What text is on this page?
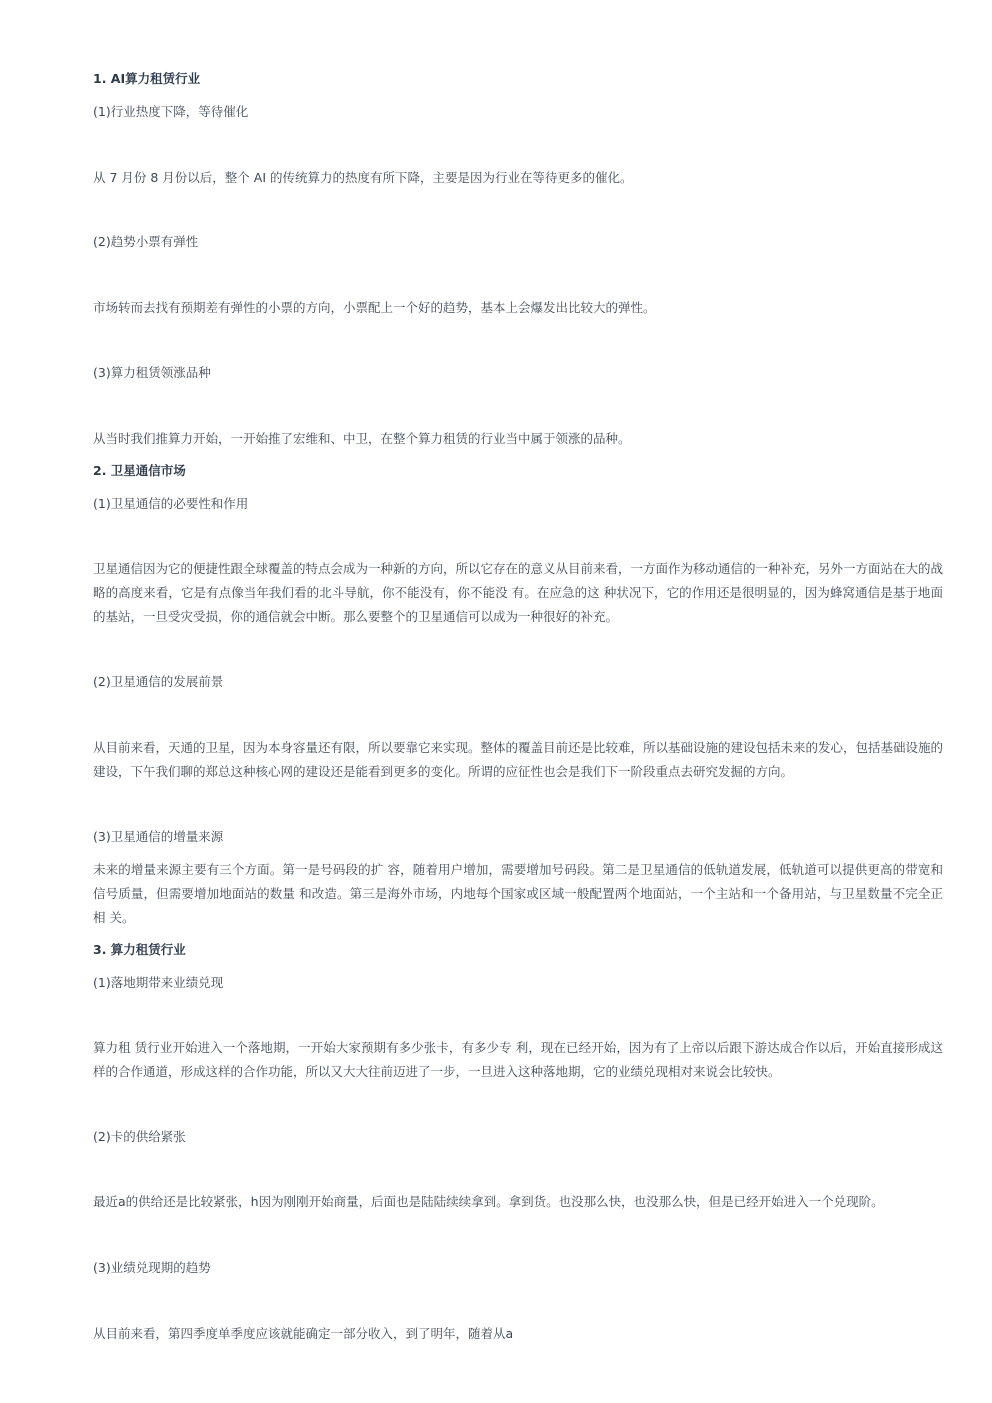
1. AI算力租赁行业

(1)行业热度下降，等待催化

从 7 月份 8 月份以后，整个 AI 的传统算力的热度有所下降，主要是因为行业在等待更多的催化。

(2)趋势小票有弹性

市场转而去找有预期差有弹性的小票的方向，小票配上一个好的趋势，基本上会爆发出比较大的弹性。

(3)算力租赁领涨品种

从当时我们推算力开始，一开始推了宏维和、中卫，在整个算力租赁的行业当中属于领涨的品种。

2. 卫星通信市场

(1)卫星通信的必要性和作用

卫星通信因为它的便捷性跟全球覆盖的特点会成为一种新的方向，所以它存在的意义从目前来看，一方面作为移动通信的一种补充，另外一方面站在大的战略的高度来看，它是有点像当年我们看的北斗导航，你不能没有，你不能没 有。在应急的这 种状况下，它的作用还是很明显的，因为蜂窝通信是基于地面的基站，一旦受灾受损，你的通信就会中断。那么要整个的卫星通信可以成为一种很好的补充。

(2)卫星通信的发展前景

从目前来看，天通的卫星，因为本身容量还有限，所以要靠它来实现。整体的覆盖目前还是比较难，所以基础设施的建设包括未来的发心，包括基础设施的建设，下午我们聊的郑总这种核心网的建设还是能看到更多的变化。所谓的应征性也会是我们下一阶段重点去研究发掘的方向。

(3)卫星通信的增量来源

未来的增量来源主要有三个方面。第一是号码段的扩 容，随着用户增加，需要增加号码段。第二是卫星通信的低轨道发展，低轨道可以提供更高的带宽和信号质量，但需要增加地面站的数量 和改造。第三是海外市场，内地每个国家或区域一般配置两个地面站，一个主站和一个备用站，与卫星数量不完全正相 关。

3. 算力租赁行业

(1)落地期带来业绩兑现

算力租 赁行业开始进入一个落地期，一开始大家预期有多少张卡，有多少专 利，现在已经开始，因为有了上帝以后跟下游达成合作以后，开始直接形成这样的合作通道，形成这样的合作功能，所以又大大往前迈进了一步，一旦进入这种落地期，它的业绩兑现相对来说会比较快。

(2)卡的供给紧张

最近a的供给还是比较紧张，h因为刚刚开始商量，后面也是陆陆续续拿到。拿到货。也没那么快，也没那么快，但是已经开始进入一个兑现阶。

(3)业绩兑现期的趋势

从目前来看，第四季度单季度应该就能确定一部分收入，到了明年，随着从a
